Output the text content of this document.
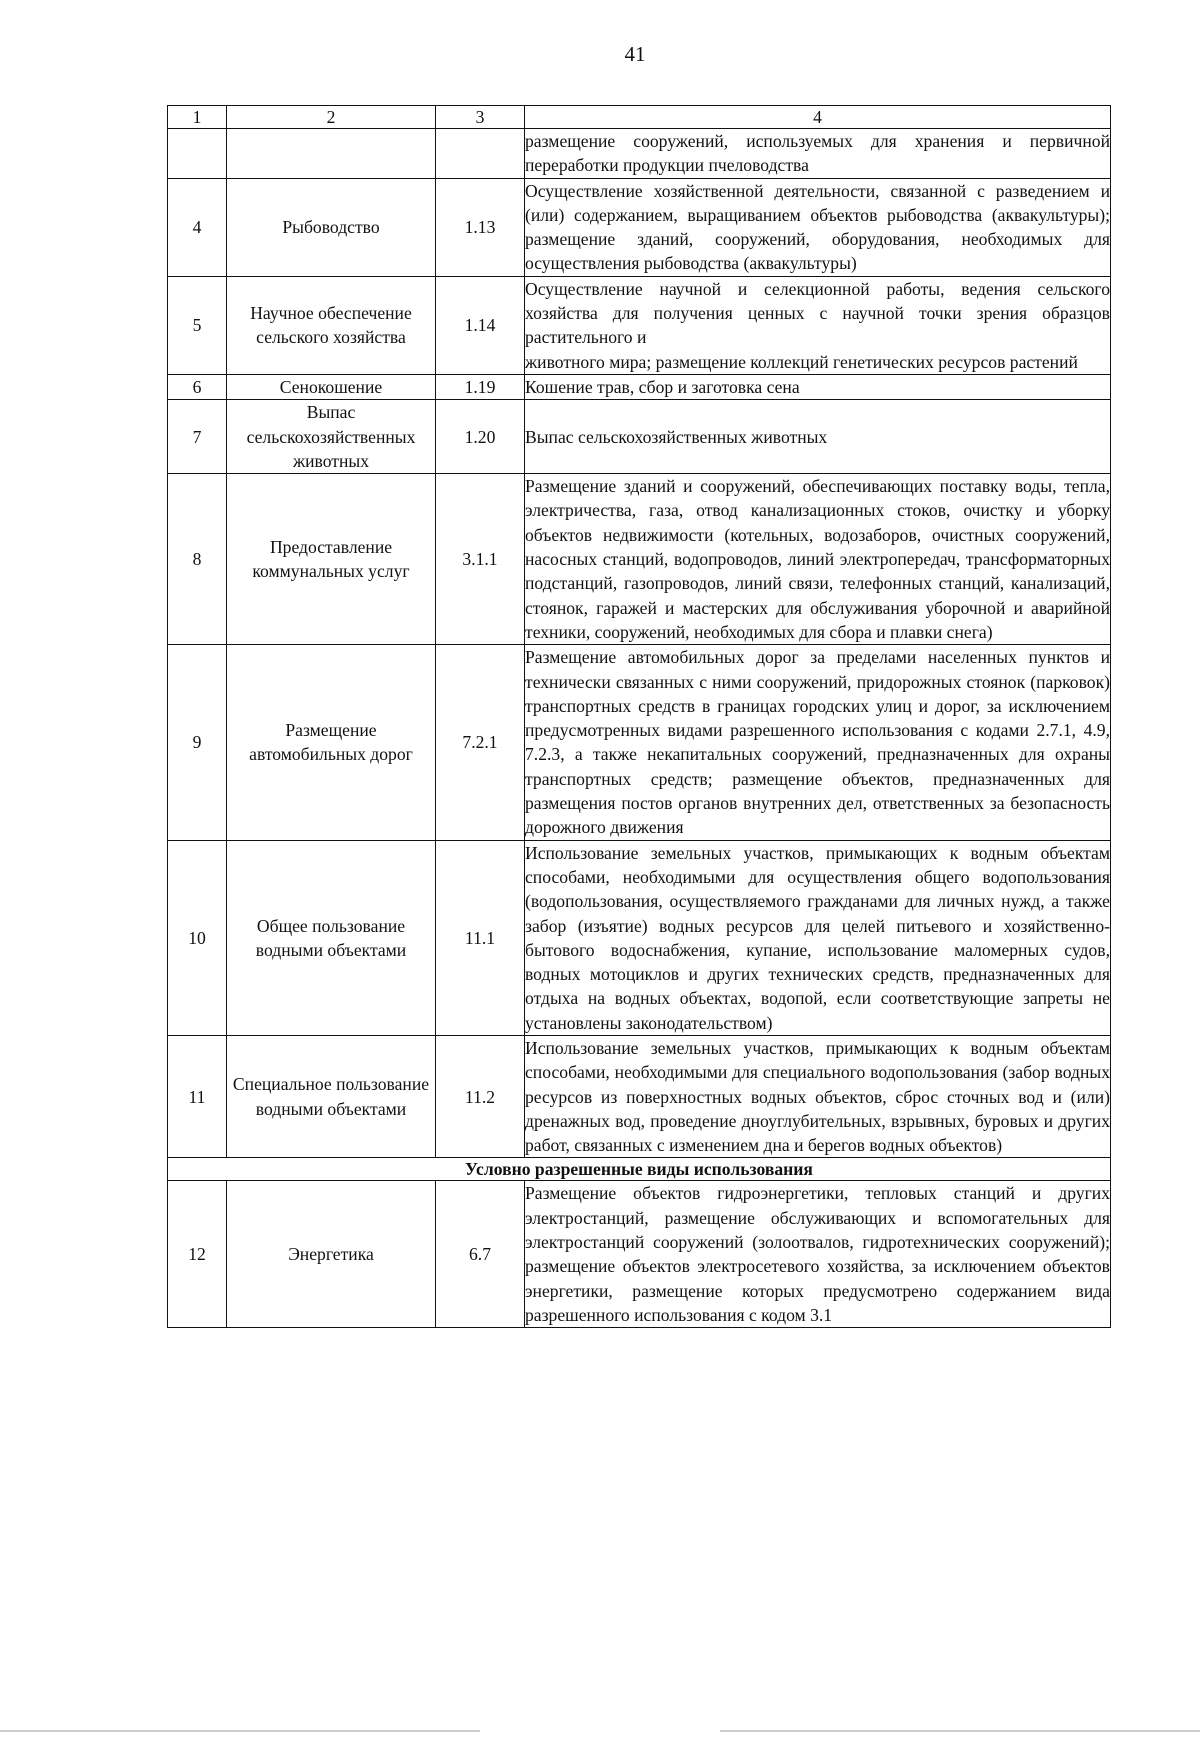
41
1	2	3	4
			размещение сооружений, используемых для хранения и первичной переработки продукции пчеловодства
4	Рыбоводство	1.13	Осуществление хозяйственной деятельности, связанной с разведением и (или) содержанием, выращиванием объектов рыбоводства (аквакультуры); размещение зданий, сооружений, оборудования, необходимых для осуществления рыбоводства (аквакультуры)
5	Научное обеспечение сельского хозяйства	1.14	Осуществление научной и селекционной работы, ведения сельского хозяйства для получения ценных с научной точки зрения образцов растительного и
животного мира; размещение коллекций генетических ресурсов растений

6	Сенокошение	1.19	Кошение трав, сбор и заготовка сена
7	Выпас сельскохозяйственных животных	1.20	Выпас сельскохозяйственных животных
8	Предоставление коммунальных услуг	3.1.1	Размещение зданий и сооружений, обеспечивающих поставку воды, тепла, электричества, газа, отвод канализационных стоков, очистку и уборку объектов недвижимости (котельных, водозаборов, очистных сооружений, насосных станций, водопроводов, линий электропередач, трансформаторных подстанций, газопроводов, линий связи, телефонных станций, канализаций, стоянок, гаражей и мастерских для обслуживания уборочной и аварийной техники, сооружений, необходимых для сбора и плавки снега)
9	Размещение автомобильных дорог	7.2.1	Размещение автомобильных дорог за пределами населенных пунктов и технически связанных с ними сооружений, придорожных стоянок (парковок) транспортных средств в границах городских улиц и дорог, за исключением предусмотренных видами разрешенного использования с кодами 2.7.1, 4.9, 7.2.3, а также некапитальных сооружений, предназначенных для охраны транспортных средств; размещение объектов, предназначенных для размещения постов органов внутренних дел, ответственных за безопасность дорожного движения
10	Общее пользование водными объектами	11.1	Использование земельных участков, примыкающих к водным объектам способами, необходимыми для осуществления общего водопользования (водопользования, осуществляемого гражданами для личных нужд, а также забор (изъятие) водных ресурсов для целей питьевого и хозяйственно-бытового водоснабжения, купание, использование маломерных судов, водных мотоциклов и других технических средств, предназначенных для отдыха на водных объектах, водопой, если соответствующие запреты не установлены законодательством)
11	Специальное пользование водными объектами	11.2	Использование земельных участков, примыкающих к водным объектам способами, необходимыми для специального водопользования (забор водных ресурсов из поверхностных водных объектов, сброс сточных вод и (или) дренажных вод, проведение дноуглубительных, взрывных, буровых и других работ, связанных с изменением дна и берегов водных объектов)
Условно разрешенные виды использования			
12	Энергетика	6.7	Размещение объектов гидроэнергетики, тепловых станций и других электростанций, размещение обслуживающих и вспомогательных для электростанций сооружений (золоотвалов, гидротехнических сооружений); размещение объектов электросетевого хозяйства, за исключением объектов энергетики, размещение которых предусмотрено содержанием вида разрешенного использования с кодом 3.1
